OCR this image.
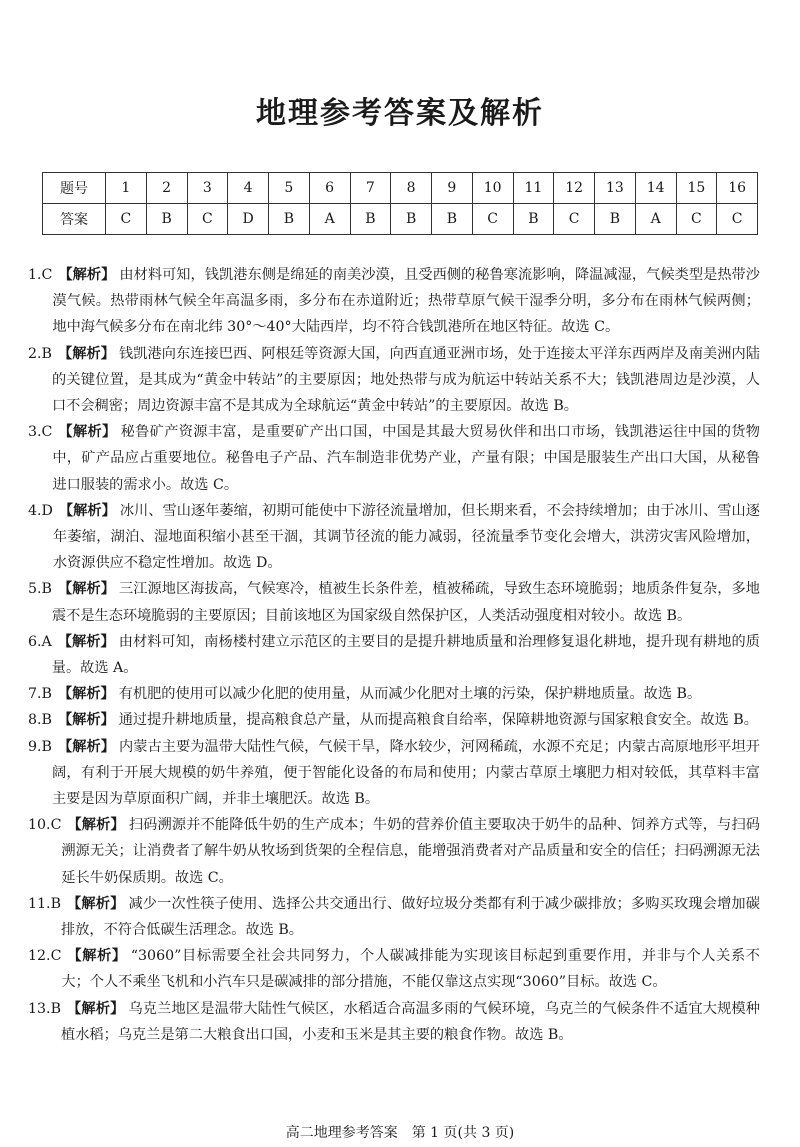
地理参考答案及解析
题号	1	2	3	4	5	6	7	8	9	10	11	12	13	14	15	16
答案	C	B	C	D	B	A	B	B	B	C	B	C	B	A	C	C
1.C 【解析】 由材料可知，钱凯港东侧是绵延的南美沙漠，且受西侧的秘鲁寒流影响，降温减湿，气候类型是热带沙漠气候。热带雨林气候全年高温多雨，多分布在赤道附近；热带草原气候干湿季分明，多分布在雨林气候两侧；地中海气候多分布在南北纬 30°～40°大陆西岸，均不符合钱凯港所在地区特征。故选 C。
2.B 【解析】 钱凯港向东连接巴西、阿根廷等资源大国，向西直通亚洲市场，处于连接太平洋东西两岸及南美洲内陆的关键位置，是其成为“黄金中转站”的主要原因；地处热带与成为航运中转站关系不大；钱凯港周边是沙漠，人口不会稠密；周边资源丰富不是其成为全球航运“黄金中转站”的主要原因。故选 B。
3.C 【解析】 秘鲁矿产资源丰富，是重要矿产出口国，中国是其最大贸易伙伴和出口市场，钱凯港运往中国的货物中，矿产品应占重要地位。秘鲁电子产品、汽车制造非优势产业，产量有限；中国是服装生产出口大国，从秘鲁进口服装的需求小。故选 C。
4.D 【解析】 冰川、雪山逐年萎缩，初期可能使中下游径流量增加，但长期来看，不会持续增加；由于冰川、雪山逐年萎缩，湖泊、湿地面积缩小甚至干涸，其调节径流的能力减弱，径流量季节变化会增大，洪涝灾害风险增加，水资源供应不稳定性增加。故选 D。
5.B 【解析】 三江源地区海拔高，气候寒冷，植被生长条件差，植被稀疏，导致生态环境脆弱；地质条件复杂，多地震不是生态环境脆弱的主要原因；目前该地区为国家级自然保护区，人类活动强度相对较小。故选 B。
6.A 【解析】 由材料可知，南杨楼村建立示范区的主要目的是提升耕地质量和治理修复退化耕地，提升现有耕地的质量。故选 A。
7.B 【解析】 有机肥的使用可以减少化肥的使用量，从而减少化肥对土壤的污染，保护耕地质量。故选 B。
8.B 【解析】 通过提升耕地质量，提高粮食总产量，从而提高粮食自给率，保障耕地资源与国家粮食安全。故选 B。
9.B 【解析】 内蒙古主要为温带大陆性气候，气候干旱，降水较少，河网稀疏，水源不充足；内蒙古高原地形平坦开阔，有利于开展大规模的奶牛养殖，便于智能化设备的布局和使用；内蒙古草原土壤肥力相对较低，其草料丰富主要是因为草原面积广阔，并非土壤肥沃。故选 B。
10.C 【解析】 扫码溯源并不能降低牛奶的生产成本；牛奶的营养价值主要取决于奶牛的品种、饲养方式等，与扫码溯源无关；让消费者了解牛奶从牧场到货架的全程信息，能增强消费者对产品质量和安全的信任；扫码溯源无法延长牛奶保质期。故选 C。
11.B 【解析】 减少一次性筷子使用、选择公共交通出行、做好垃圾分类都有利于减少碳排放；多购买玫瑰会增加碳排放，不符合低碳生活理念。故选 B。
12.C 【解析】 “3060”目标需要全社会共同努力，个人碳减排能为实现该目标起到重要作用，并非与个人关系不大；个人不乘坐飞机和小汽车只是碳减排的部分措施，不能仅靠这点实现“3060”目标。故选 C。
13.B 【解析】 乌克兰地区是温带大陆性气候区，水稻适合高温多雨的气候环境，乌克兰的气候条件不适宜大规模种植水稻；乌克兰是第二大粮食出口国，小麦和玉米是其主要的粮食作物。故选 B。
高二地理参考答案　第 1 页(共 3 页)
